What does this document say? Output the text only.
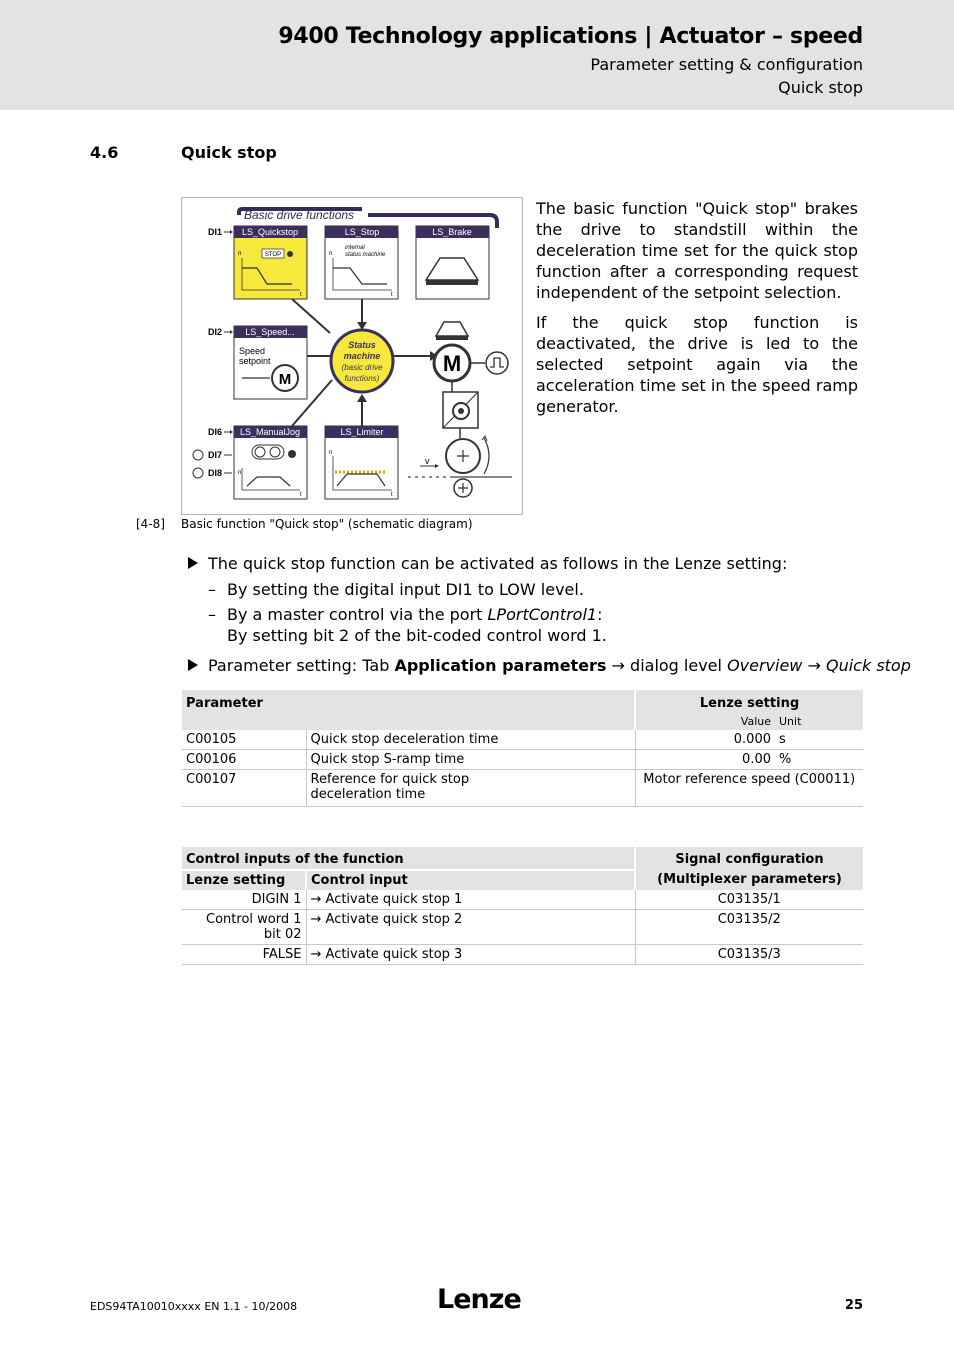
9400 Technology applications | Actuator – speed
Parameter setting & configuration
Quick stop
4.6	Quick stop
Basic drive functions
LS_Quickstop
STOP
n
t
LS_Stop
internal
status machine
n
t
LS_Brake
LS_Speed...
Speed
setpoint
M
LS_ManualJog
n
t
LS_Limiter
n
t
DI1
DI2
DI6
DI7
DI8
Status
machine
(basic drive
functions)
M
v
[4-8] Basic function "Quick stop" (schematic diagram)
The basic function "Quick stop" brakes the drive to standstill within the deceleration time set for the quick stop function after a corresponding request independent of the setpoint selection.
If the quick stop function is deactivated, the drive is led to the selected setpoint again via the acceleration time set in the speed ramp generator.
The quick stop function can be activated as follows in the Lenze setting:
– By setting the digital input DI1 to LOW level.
– By a master control via the port LPortControl1:
By setting bit 2 of the bit-coded control word 1.
Parameter setting: Tab Application parameters → dialog level Overview → Quick stop
Parameter		Lenze setting	
		Value	Unit
C00105	Quick stop deceleration time	0.000	s
C00106	Quick stop S-ramp time	0.00	%
C00107	Reference for quick stop
deceleration time	Motor reference speed (C00011)	
Control inputs of the function		Signal configuration
Lenze setting	Control input	(Multiplexer parameters)
DIGIN 1	→ Activate quick stop 1	C03135/1
Control word 1
bit 02	→ Activate quick stop 2	C03135/2
FALSE	→ Activate quick stop 3	C03135/3
EDS94TA10010xxxx EN 1.1 - 10/2008	Lenze	25
